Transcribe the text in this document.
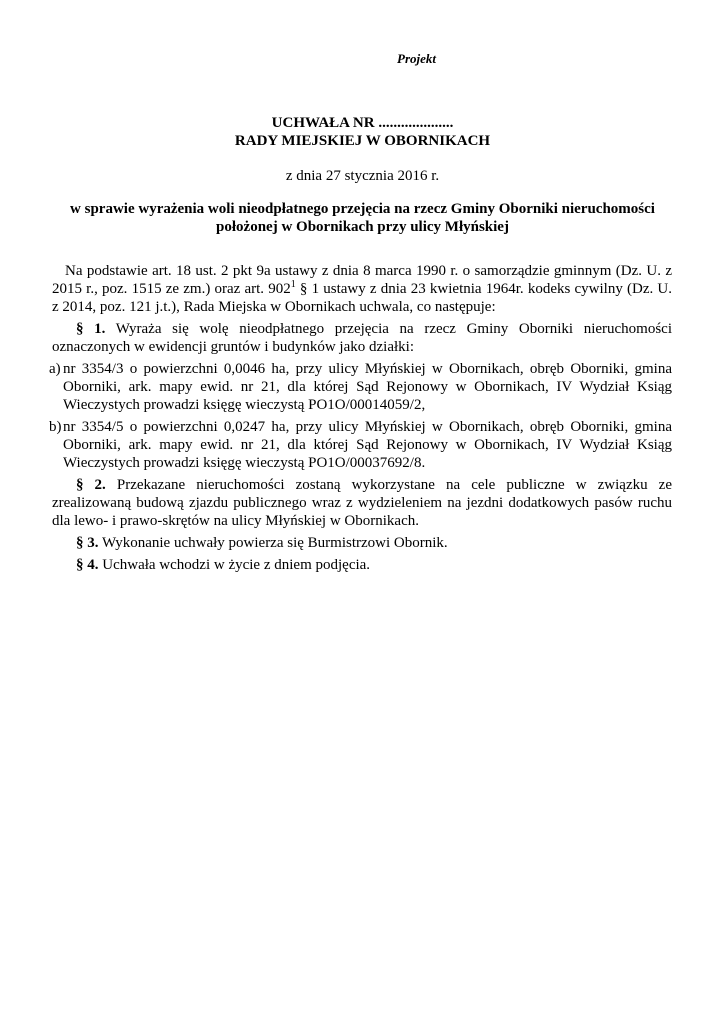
Projekt
UCHWAŁA NR ....................
RADY MIEJSKIEJ W OBORNIKACH
z dnia 27 stycznia 2016 r.
w sprawie wyrażenia woli nieodpłatnego przejęcia na rzecz Gminy Oborniki nieruchomości
położonej w Obornikach przy ulicy Młyńskiej

Na podstawie art. 18 ust. 2 pkt 9a ustawy z dnia 8 marca 1990 r. o samorządzie gminnym (Dz. U. z 2015 r., poz. 1515 ze zm.) oraz art. $902^1$ § 1 ustawy z dnia 23 kwietnia 1964r. kodeks cywilny (Dz. U. z 2014, poz. 121 j.t.), Rada Miejska w Obornikach uchwala, co następuje:

§ 1. Wyraża się wolę nieodpłatnego przejęcia na rzecz Gminy Oborniki nieruchomości oznaczonych w ewidencji gruntów i budynków jako działki:

a) nr 3354/3 o powierzchni 0,0046 ha, przy ulicy Młyńskiej w Obornikach, obręb Oborniki, gmina Oborniki, ark. mapy ewid. nr 21, dla której Sąd Rejonowy w Obornikach, IV Wydział Ksiąg Wieczystych prowadzi księgę wieczystą PO1O/00014059/2,
b) nr 3354/5 o powierzchni 0,0247 ha, przy ulicy Młyńskiej w Obornikach, obręb Oborniki, gmina Oborniki, ark. mapy ewid. nr 21, dla której Sąd Rejonowy w Obornikach, IV Wydział Ksiąg Wieczystych prowadzi księgę wieczystą PO1O/00037692/8.

§ 2. Przekazane nieruchomości zostaną wykorzystane na cele publiczne w związku ze zrealizowaną budową zjazdu publicznego wraz z wydzieleniem na jezdni dodatkowych pasów ruchu dla lewo- i prawo-skrętów na ulicy Młyńskiej w Obornikach.

§ 3. Wykonanie uchwały powierza się Burmistrzowi Obornik.

§ 4. Uchwała wchodzi w życie z dniem podjęcia.
